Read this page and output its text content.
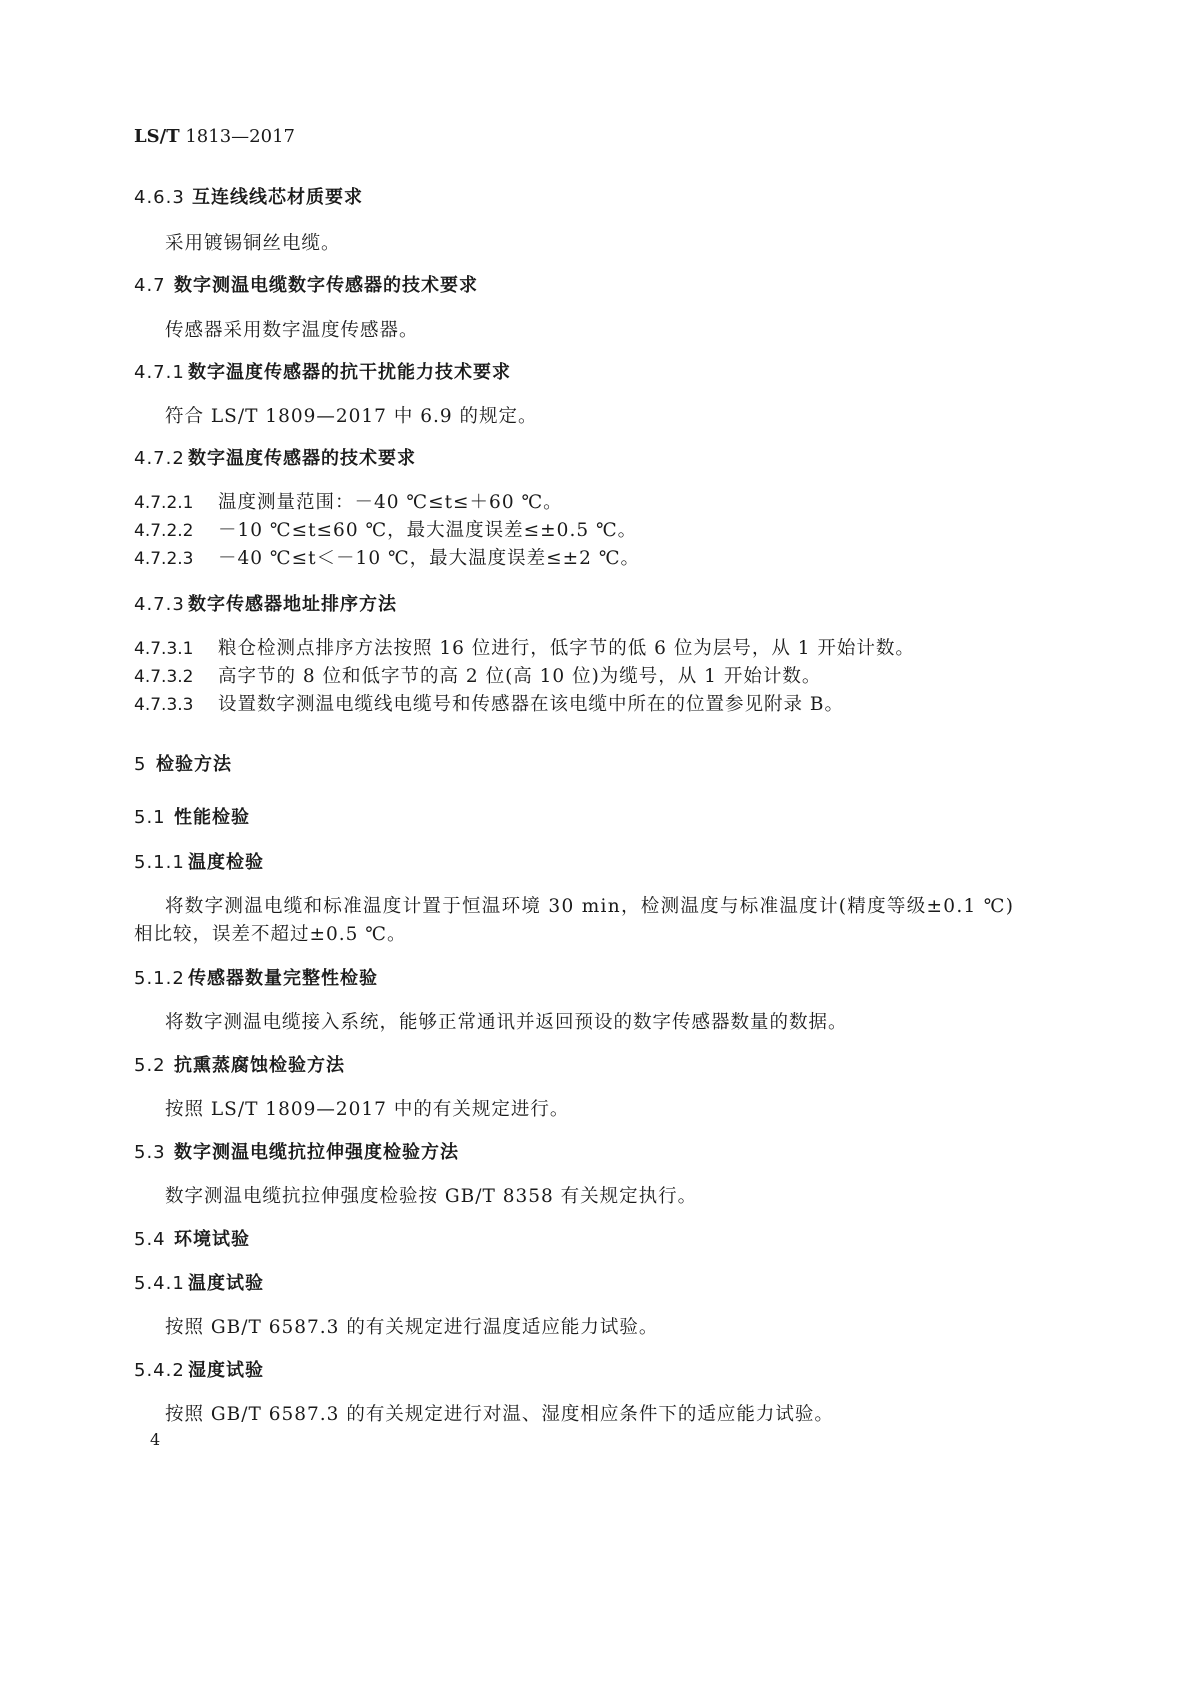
LS/T 1813—2017
4.6.3 互连线线芯材质要求
采用镀锡铜丝电缆。
4.7 数字测温电缆数字传感器的技术要求
传感器采用数字温度传感器。
4.7.1 数字温度传感器的抗干扰能力技术要求
符合 LS/T 1809—2017 中 6.9 的规定。
4.7.2 数字温度传感器的技术要求
4.7.2.1 温度测量范围：－40 ℃≤t≤＋60 ℃。
4.7.2.2 －10 ℃≤t≤60 ℃，最大温度误差≤±0.5 ℃。
4.7.2.3 －40 ℃≤t＜－10 ℃，最大温度误差≤±2 ℃。
4.7.3 数字传感器地址排序方法
4.7.3.1 粮仓检测点排序方法按照 16 位进行，低字节的低 6 位为层号，从 1 开始计数。
4.7.3.2 高字节的 8 位和低字节的高 2 位(高 10 位)为缆号，从 1 开始计数。
4.7.3.3 设置数字测温电缆线电缆号和传感器在该电缆中所在的位置参见附录 B。
5 检验方法
5.1 性能检验
5.1.1 温度检验
将数字测温电缆和标准温度计置于恒温环境 30 min，检测温度与标准温度计(精度等级±0.1 ℃)
相比较，误差不超过±0.5 ℃。
5.1.2 传感器数量完整性检验
将数字测温电缆接入系统，能够正常通讯并返回预设的数字传感器数量的数据。
5.2 抗熏蒸腐蚀检验方法
按照 LS/T 1809—2017 中的有关规定进行。
5.3 数字测温电缆抗拉伸强度检验方法
数字测温电缆抗拉伸强度检验按 GB/T 8358 有关规定执行。
5.4 环境试验
5.4.1 温度试验
按照 GB/T 6587.3 的有关规定进行温度适应能力试验。
5.4.2 湿度试验
按照 GB/T 6587.3 的有关规定进行对温、湿度相应条件下的适应能力试验。
4
